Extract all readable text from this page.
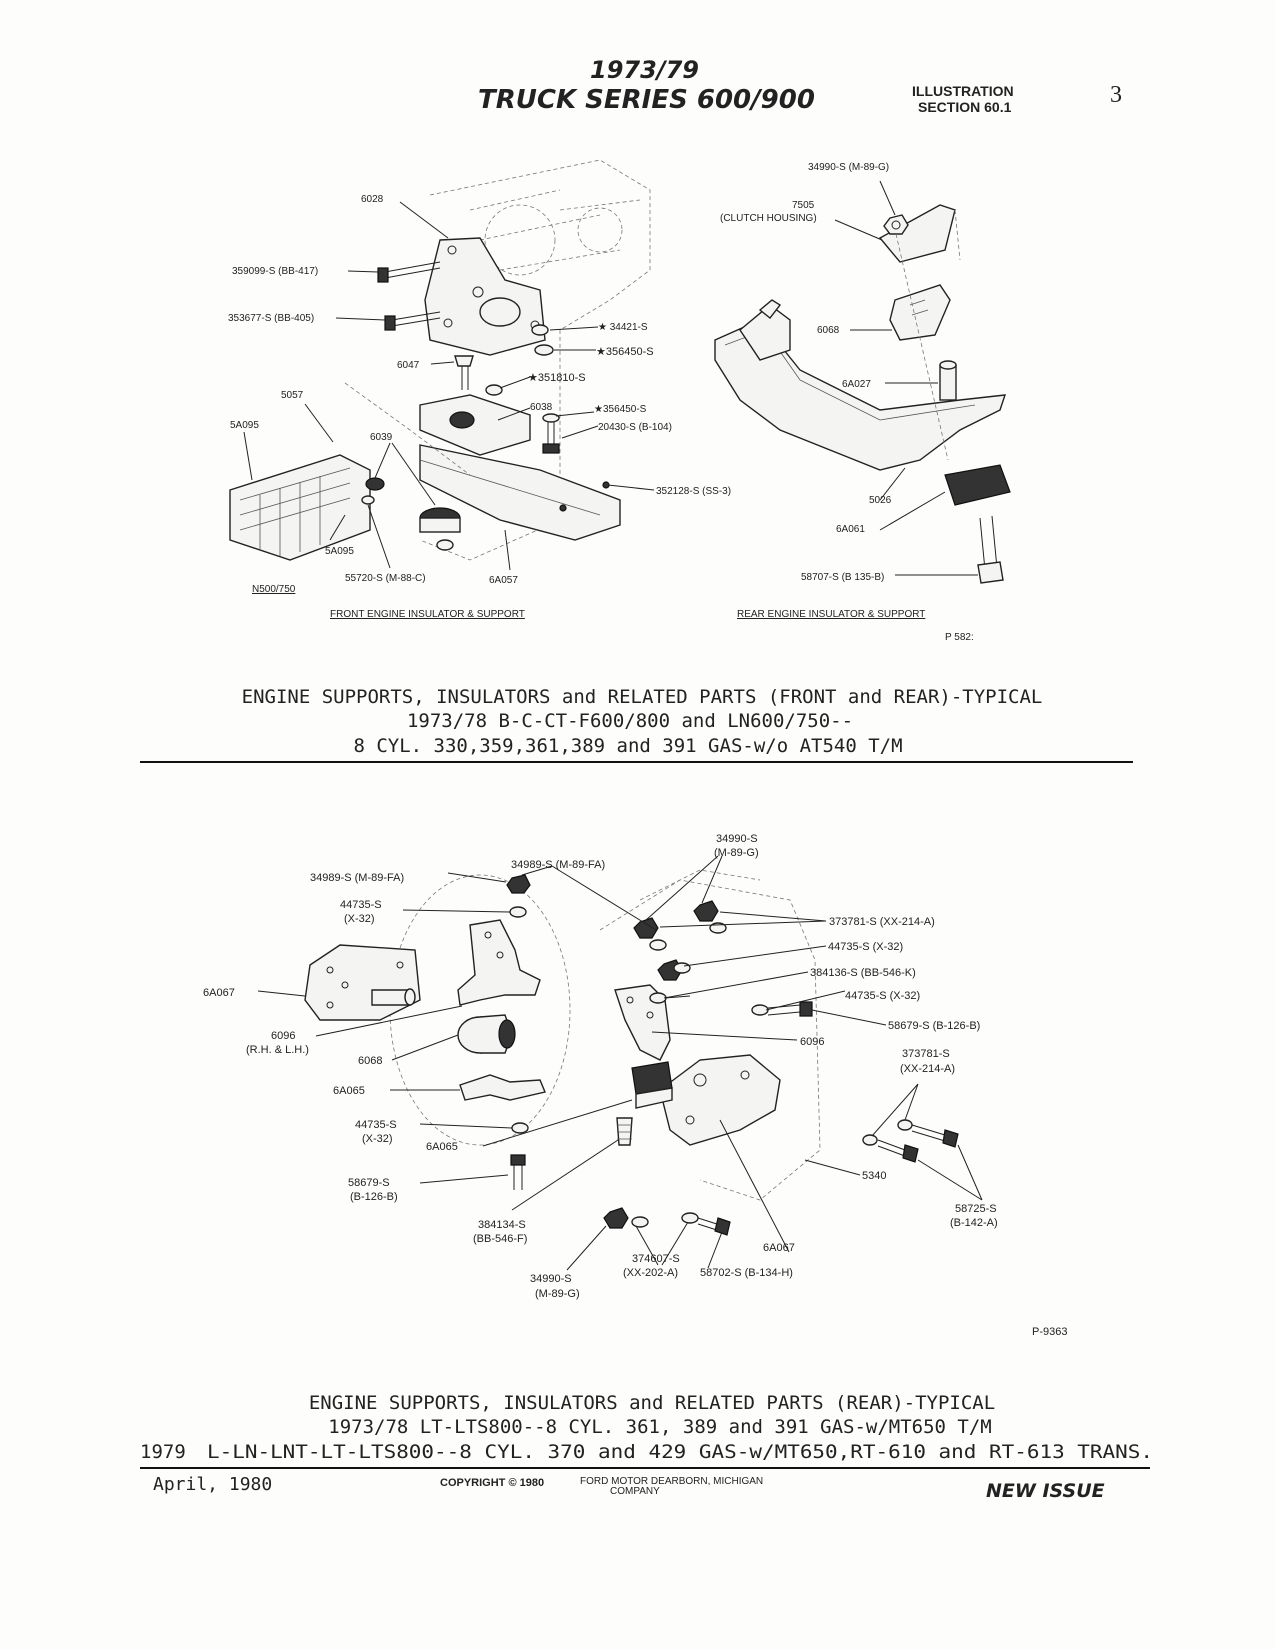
1973/79
TRUCK SERIES 600/900	ILLUSTRATION
SECTION 60.1	3
6028
359099-S (BB-417)
353677-S (BB-405)
★ 34421-S
★356450-S
6047
★351810-S
5057
6038	★356450-S
20430-S (B-104)
5A095
6039
352128-S (SS-3)
5A095
55720-S (M-88-C)	6A057
N500/750
FRONT ENGINE INSULATOR & SUPPORT
34990-S (M-89-G)
7505
(CLUTCH HOUSING)
6068
6A027
5026
6A061
58707-S (B 135-B)
REAR ENGINE INSULATOR & SUPPORT
P 582:
ENGINE SUPPORTS, INSULATORS and RELATED PARTS (FRONT and REAR)-TYPICAL
1973/78 B-C-CT-F600/800 and LN600/750--
8 CYL. 330,359,361,389 and 391 GAS-w/o AT540 T/M
34989-S (M-89-FA)
34989-S (M-89-FA)
34990-S
(M-89-G)
44735-S
(X-32)	373781-S (XX-214-A)
44735-S (X-32)
384136-S (BB-546-K)
44735-S (X-32)
6A067
58679-S (B-126-B)
6096
(R.H. & L.H.)
6096
6068
373781-S
(XX-214-A)
6A065
44735-S
(X-32)
6A065
5340
58679-S
(B-126-B)
58725-S
(B-142-A)
384134-S
(BB-546-F)
6A067
374607-S
(XX-202-A)
34990-S
(M-89-G)
58702-S (B-134-H)
P-9363
ENGINE SUPPORTS, INSULATORS and RELATED PARTS (REAR)-TYPICAL
1973/78 LT-LTS800--8 CYL. 361, 389 and 391 GAS-w/MT650 T/M
1979 L-LN-LNT-LT-LTS800--8 CYL. 370 and 429 GAS-w/MT650,RT-610 and RT-613 TRANS.
April, 1980	COPYRIGHT © 1980	FORD MOTOR DEARBORN, MICHIGAN
COMPANY	NEW ISSUE
